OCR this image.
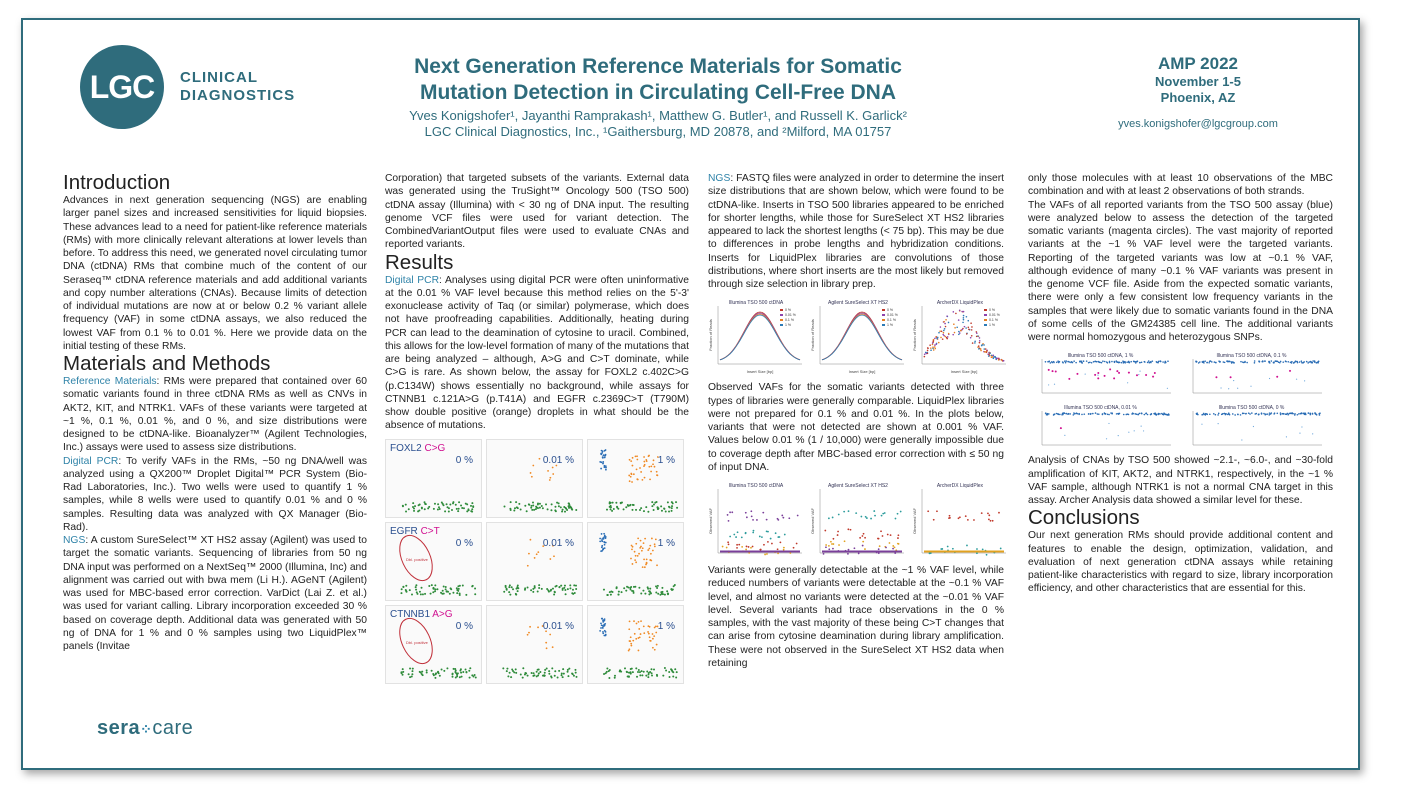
LGC CLINICAL
DIAGNOSTICS
Next Generation Reference Materials for Somatic
Mutation Detection in Circulating Cell-Free DNA
Yves Konigshofer¹, Jayanthi Ramprakash¹, Matthew G. Butler¹, and Russell K. Garlick²
LGC Clinical Diagnostics, Inc., ¹Gaithersburg, MD 20878, and ²Milford, MA 01757
AMP 2022
November 1-5
Phoenix, AZ
yves.konigshofer@lgcgroup.com
Introduction

Advances in next generation sequencing (NGS) are enabling larger panel sizes and increased sensitivities for liquid biopsies. These advances lead to a need for patient-like reference materials (RMs) with more clinically relevant alterations at lower levels than before. To address this need, we generated novel circulating tumor DNA (ctDNA) RMs that combine much of the content of our Seraseq™ ctDNA reference materials and add additional variants and copy number alterations (CNAs). Because limits of detection of individual mutations are now at or below 0.2 % variant allele frequency (VAF) in some ctDNA assays, we also reduced the lowest VAF from 0.1 % to 0.01 %. Here we provide data on the initial testing of these RMs.

Materials and Methods

Reference Materials: RMs were prepared that contained over 60 somatic variants found in three ctDNA RMs as well as CNVs in AKT2, KIT, and NTRK1. VAFs of these variants were targeted at ~1 %, 0.1 %, 0.01 %, and 0 %, and size distributions were designed to be ctDNA-like. Bioanalyzer™ (Agilent Technologies, Inc.) assays were used to assess size distributions.

Digital PCR: To verify VAFs in the RMs, ~50 ng DNA/well was analyzed using a QX200™ Droplet Digital™ PCR System (Bio-Rad Laboratories, Inc.). Two wells were used to quantify 1 % samples, while 8 wells were used to quantify 0.01 % and 0 % samples. Resulting data was analyzed with QX Manager (Bio-Rad).

NGS: A custom SureSelect™ XT HS2 assay (Agilent) was used to target the somatic variants. Sequencing of libraries from 50 ng DNA input was performed on a NextSeq™ 2000 (Illumina, Inc) and alignment was carried out with bwa mem (Li H.). AGeNT (Agilent) was used for MBC-based error correction. VarDict (Lai Z. et al.) was used for variant calling. Library incorporation exceeded 30 % based on coverage depth. Additional data was generated with 50 ng of DNA for 1 % and 0 % samples using two LiquidPlex™ panels (Invitae

Corporation) that targeted subsets of the variants. External data was generated using the TruSight™ Oncology 500 (TSO 500) ctDNA assay (Illumina) with < 30 ng of DNA input. The resulting genome VCF files were used for variant detection. The CombinedVariantOutput files were used to evaluate CNAs and reported variants.

Results

Digital PCR: Analyses using digital PCR were often uninformative at the 0.01 % VAF level because this method relies on the 5'-3' exonuclease activity of Taq (or similar) polymerase, which does not have proofreading capabilities. Additionally, heating during PCR can lead to the deamination of cytosine to uracil. Combined, this allows for the low-level formation of many of the mutations that are being analyzed – although, A>G and C>T dominate, while C>G is rare. As shown below, the assay for FOXL2 c.402C>G (p.C134W) shows essentially no background, while assays for CTNNB1 c.121A>G (p.T41A) and EGFR c.2369C>T (T790M) show double positive (orange) droplets in what should be the absence of mutations.

FOXL2 C>G
0 %	0.01 %	1 %
Dbl. positive
EGFR C>T
0 %	0.01 %	1 %
Dbl. positive
CTNNB1 A>G
0 %	0.01 %	1 %

NGS: FASTQ files were analyzed in order to determine the insert size distributions that are shown below, which were found to be ctDNA-like. Inserts in TSO 500 libraries appeared to be enriched for shorter lengths, while those for SureSelect XT HS2 libraries appeared to lack the shortest lengths (< 75 bp). This may be due to differences in probe lengths and hybridization conditions. Inserts for LiquidPlex libraries are convolutions of those distributions, where short inserts are the most likely but removed through size selection in library prep.

Illumina TSO 500 ctDNA
Insert Size [bp]
Fraction of Reads
0 %
0.01 %
0.1 %
1 %
Agilent SureSelect XT HS2
Insert Size [bp]
Fraction of Reads
0 %
0.01 %
0.1 %
1 %
ArcherDX LiquidPlex
Insert Size [bp]
Fraction of Reads
0 %
0.01 %
0.1 %
1 %

Observed VAFs for the somatic variants detected with three types of libraries were generally comparable. LiquidPlex libraries were not prepared for 0.1 % and 0.01 %. In the plots below, variants that were not detected are shown at 0.001 % VAF. Values below 0.01 % (1 / 10,000) were generally impossible due to coverage depth after MBC-based error correction with ≤ 50 ng of input DNA.

Illumina TSO 500 ctDNA
Observed VAF
Agilent SureSelect XT HS2
Observed VAF
ArcherDX LiquidPlex
Observed VAF

Variants were generally detectable at the ~1 % VAF level, while reduced numbers of variants were detectable at the ~0.1 % VAF level, and almost no variants were detected at the ~0.01 % VAF level. Several variants had trace observations in the 0 % samples, with the vast majority of these being C>T changes that can arise from cytosine deamination during library amplification. These were not observed in the SureSelect XT HS2 data when retaining

only those molecules with at least 10 observations of the MBC combination and with at least 2 observations of both strands.

The VAFs of all reported variants from the TSO 500 assay (blue) were analyzed below to assess the detection of the targeted somatic variants (magenta circles). The vast majority of reported variants at the ~1 % VAF level were the targeted variants. Reporting of the targeted variants was low at ~0.1 % VAF, although evidence of many ~0.1 % VAF variants was present in the genome VCF file. Aside from the expected somatic variants, there were only a few consistent low frequency variants in the samples that were likely due to somatic variants found in the DNA of some cells of the GM24385 cell line. The additional variants were normal homozygous and heterozygous SNPs.

Illumina TSO 500 ctDNA, 1 %	Illumina TSO 500 ctDNA, 0.1 %
Illumina TSO 500 ctDNA, 0.01 %	Illumina TSO 500 ctDNA, 0 %

Analysis of CNAs by TSO 500 showed ~2.1-, ~6.0-, and ~30-fold amplification of KIT, AKT2, and NTRK1, respectively, in the ~1 % VAF sample, although NTRK1 is not a normal CNA target in this assay. Archer Analysis data showed a similar level for these.

Conclusions

Our next generation RMs should provide additional content and features to enable the design, optimization, validation, and evaluation of next generation ctDNA assays while retaining patient-like characteristics with regard to size, library incorporation efficiency, and other characteristics that are essential for this.

sera⁘care
